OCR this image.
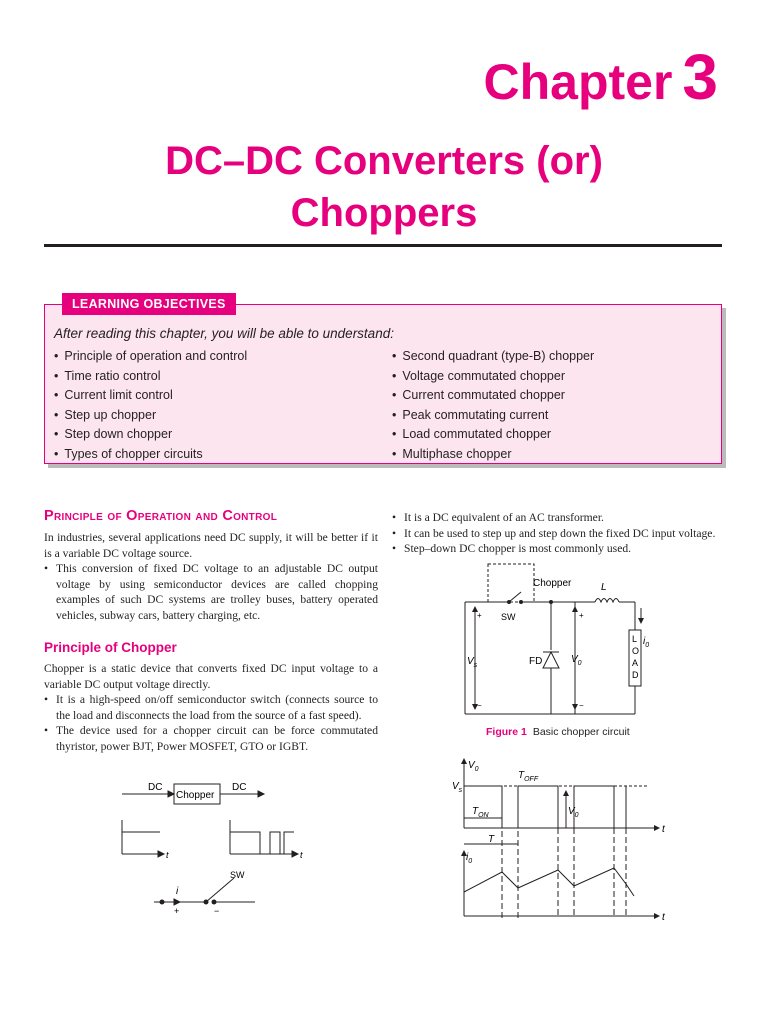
Chapter 3
DC–DC Converters (or)
Choppers
LEARNING OBJECTIVES
After reading this chapter, you will be able to understand:
• Principle of operation and control
• Time ratio control
• Current limit control
• Step up chopper
• Step down chopper
• Types of chopper circuits
• Second quadrant (type-B) chopper
• Voltage commutated chopper
• Current commutated chopper
• Peak commutating current
• Load commutated chopper
• Multiphase chopper
Principle of Operation and Control
In industries, several applications need DC supply, it will be better if it is a variable DC voltage source.
• This conversion of fixed DC voltage to an adjustable DC output voltage by using semiconductor devices are called chopping examples of such DC systems are trolley buses, battery operated vehicles, subway cars, battery charging, etc.
Principle of Chopper
Chopper is a static device that converts fixed DC input voltage to a variable DC output voltage directly.
• It is a high-speed on/off semiconductor switch (connects source to the load and disconnects the load from the source of a fast speed).
• The device used for a chopper circuit can be force commutated thyristor, power BJT, Power MOSFET, GTO or IGBT.
• It is a DC equivalent of an AC transformer.
• It can be used to step up and step down the fixed DC input voltage.
• Step–down DC chopper is most commonly used.
DC
Chopper
DC
t	t
i
SW
+	−
Chopper
SW
L
$i_0$
$V_s$	FD	$V_0$
L
O
A
D
+
−
+
−
Figure 1 Basic chopper circuit
$V_0$
$V_s$
$T_{OFF}$
$T_{ON}$
T
$V_0$
t
$i_0$
t
